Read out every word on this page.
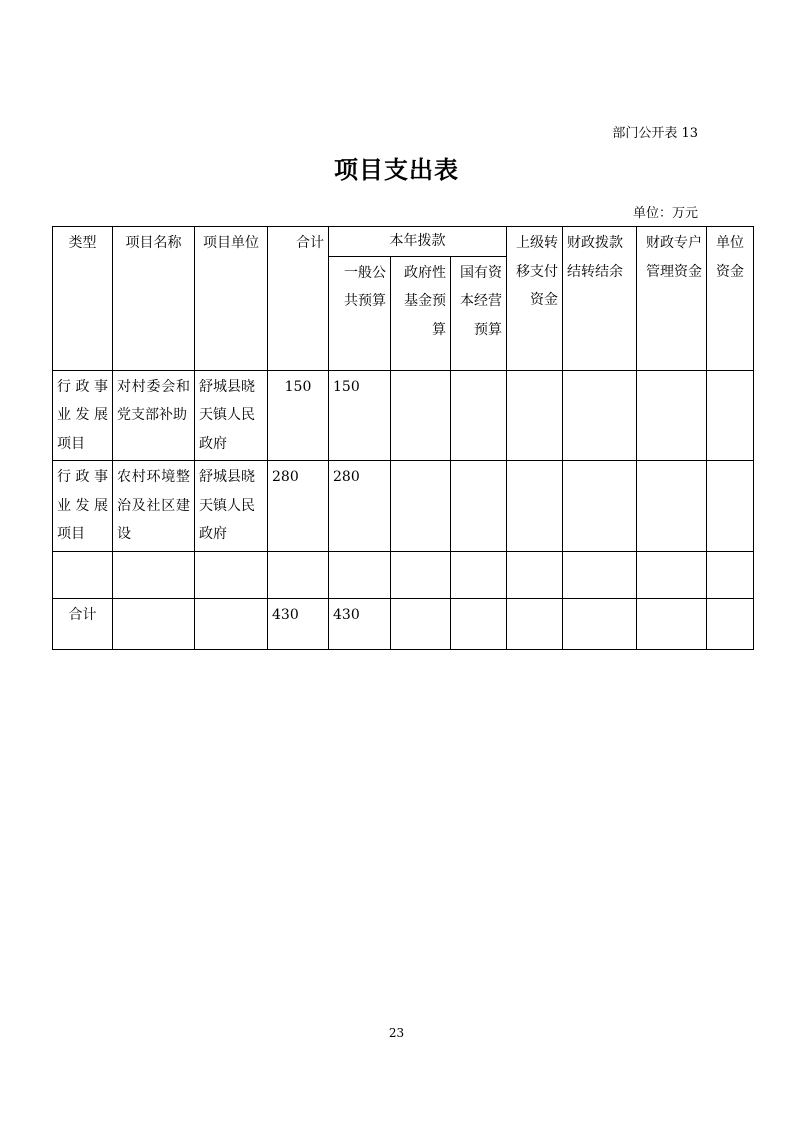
部门公开表 13
项目支出表
单位：万元
类型	项目名称	项目单位	合计	本年拨款			上级转移支付资金	财政拨款结转结余	财政专户管理资金	单位资金
				一般公共预算	政府性基金预算	国有资本经营预算				
行政事业发展项目	对村委会和党支部补助	舒城县晓天镇人民政府	150	150						
行政事业发展项目	农村环境整治及社区建设	舒城县晓天镇人民政府	280	280						

合计			430	430						
23
